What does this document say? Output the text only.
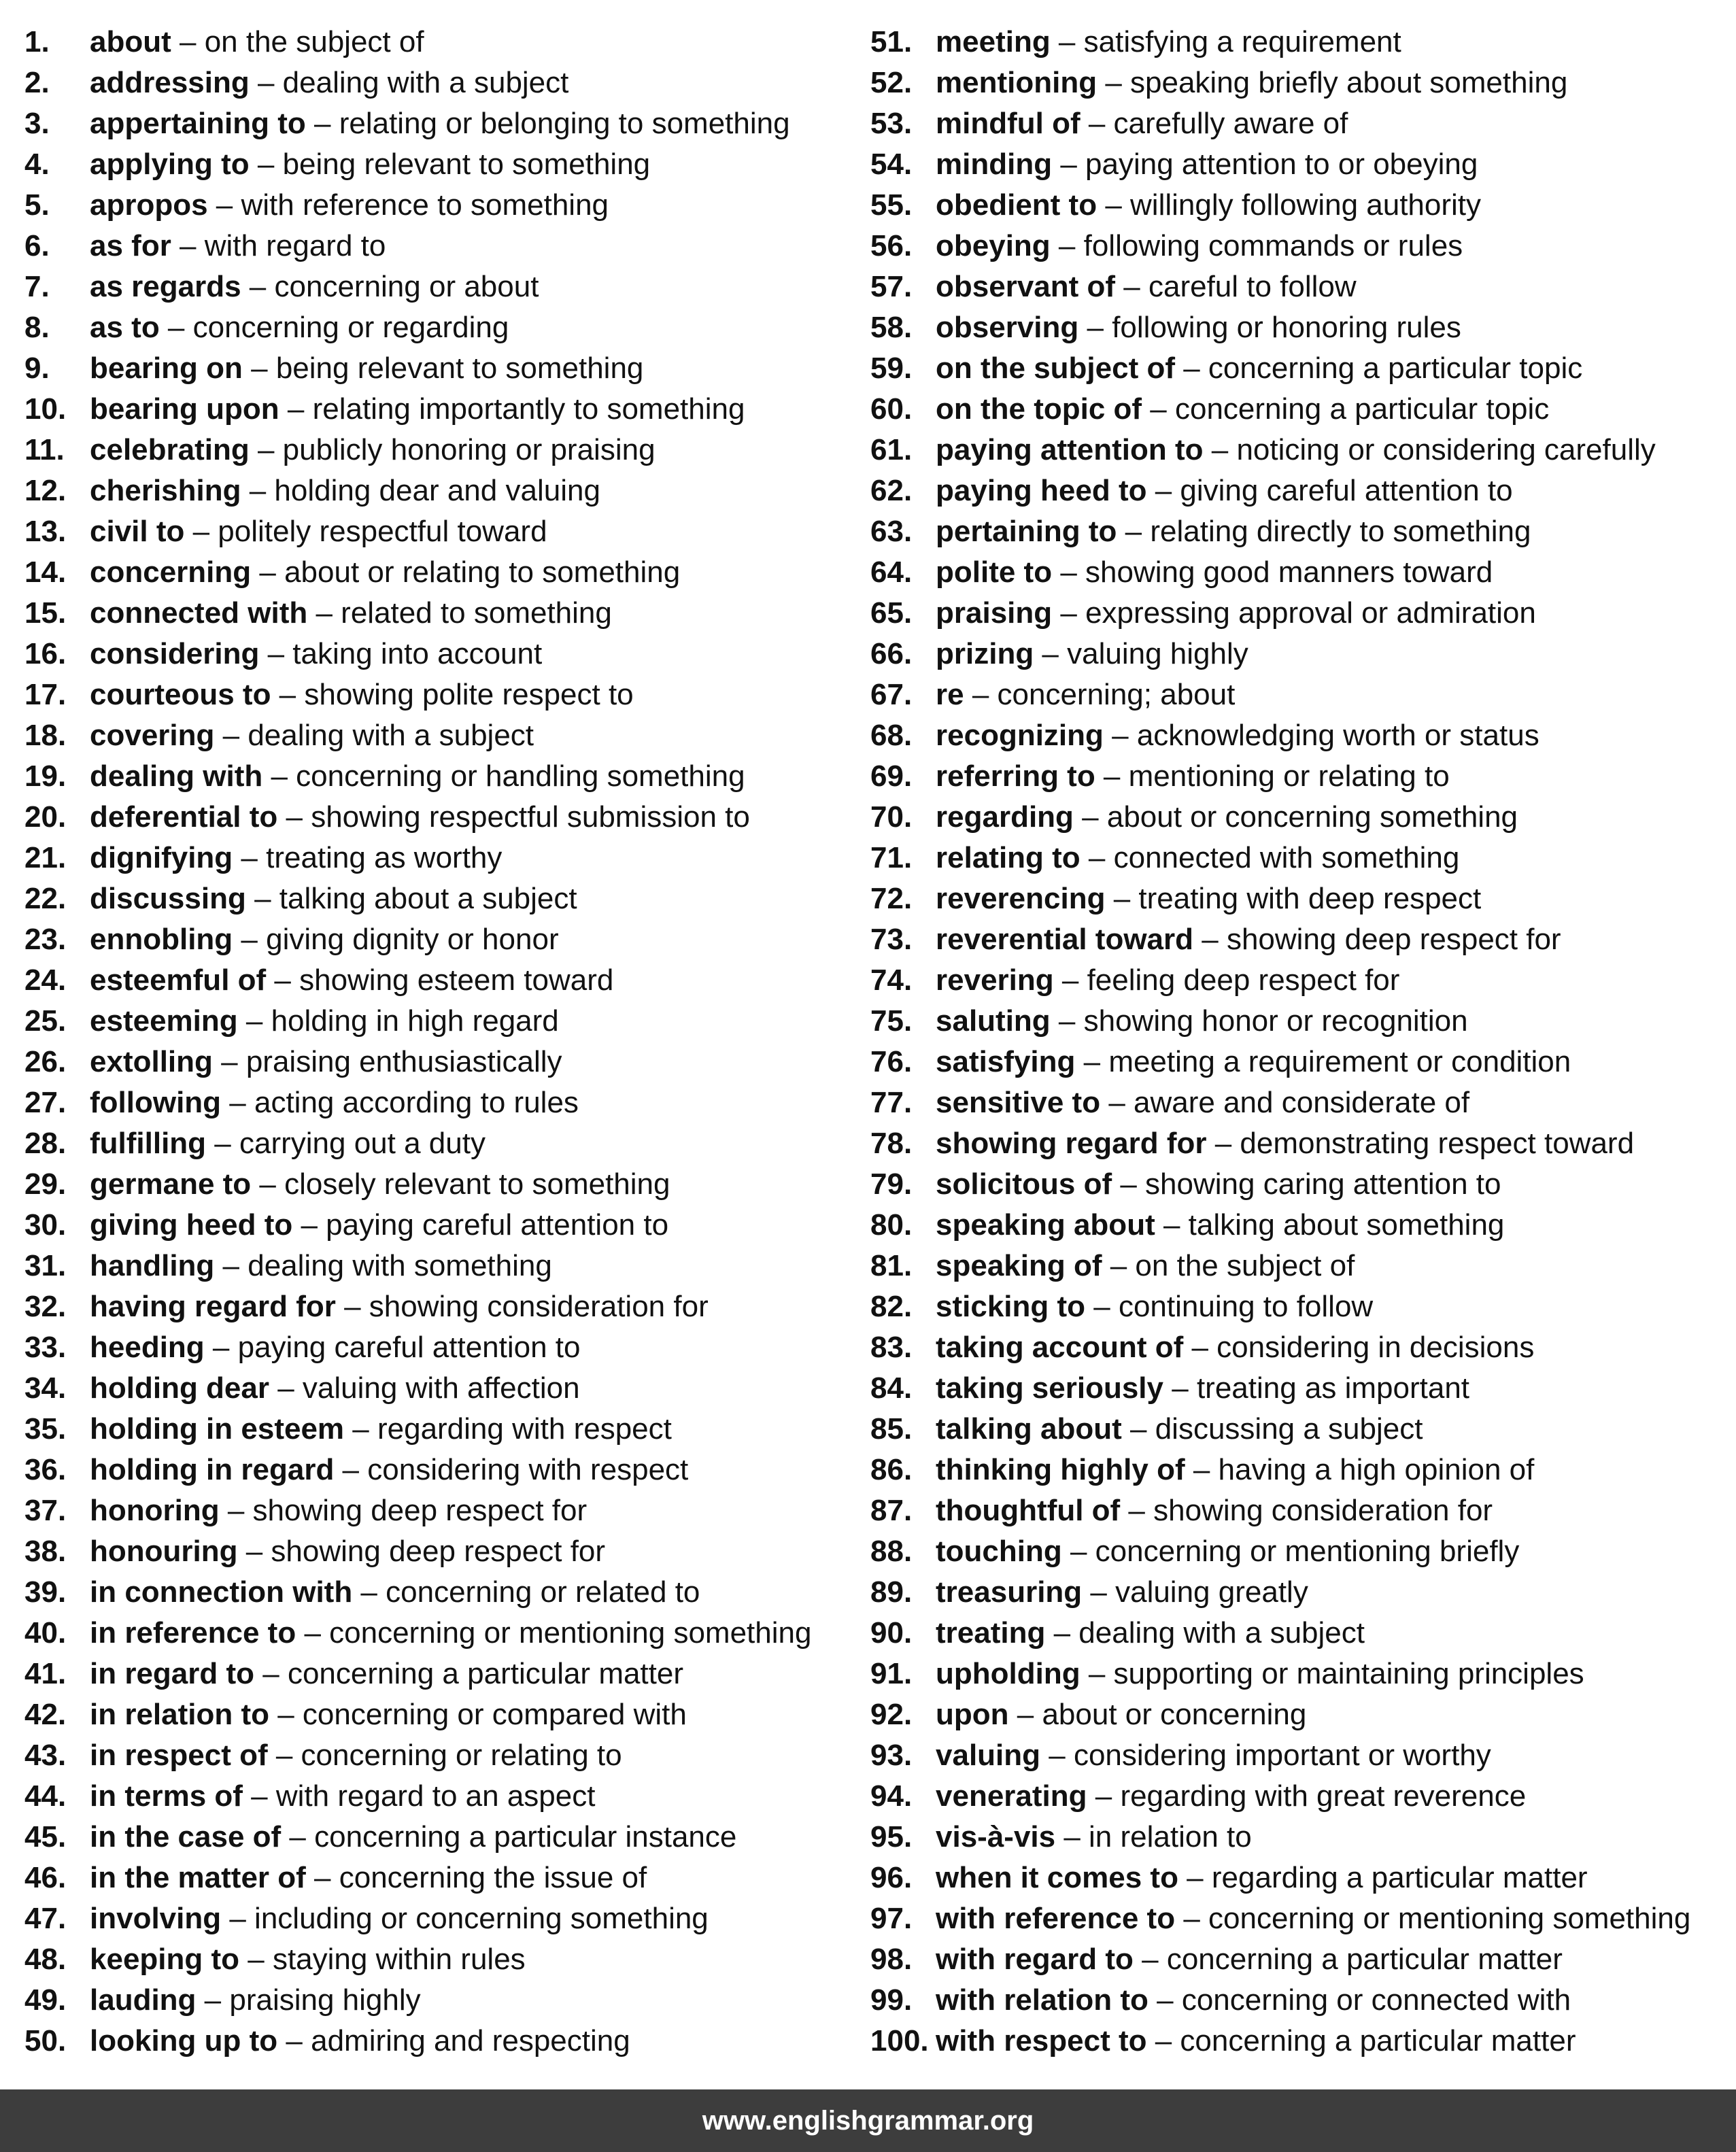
1. about – on the subject of
2. addressing – dealing with a subject
3. appertaining to – relating or belonging to something
4. applying to – being relevant to something
5. apropos – with reference to something
6. as for – with regard to
7. as regards – concerning or about
8. as to – concerning or regarding
9. bearing on – being relevant to something
10. bearing upon – relating importantly to something
11. celebrating – publicly honoring or praising
12. cherishing – holding dear and valuing
13. civil to – politely respectful toward
14. concerning – about or relating to something
15. connected with – related to something
16. considering – taking into account
17. courteous to – showing polite respect to
18. covering – dealing with a subject
19. dealing with – concerning or handling something
20. deferential to – showing respectful submission to
21. dignifying – treating as worthy
22. discussing – talking about a subject
23. ennobling – giving dignity or honor
24. esteemful of – showing esteem toward
25. esteeming – holding in high regard
26. extolling – praising enthusiastically
27. following – acting according to rules
28. fulfilling – carrying out a duty
29. germane to – closely relevant to something
30. giving heed to – paying careful attention to
31. handling – dealing with something
32. having regard for – showing consideration for
33. heeding – paying careful attention to
34. holding dear – valuing with affection
35. holding in esteem – regarding with respect
36. holding in regard – considering with respect
37. honoring – showing deep respect for
38. honouring – showing deep respect for
39. in connection with – concerning or related to
40. in reference to – concerning or mentioning something
41. in regard to – concerning a particular matter
42. in relation to – concerning or compared with
43. in respect of – concerning or relating to
44. in terms of – with regard to an aspect
45. in the case of – concerning a particular instance
46. in the matter of – concerning the issue of
47. involving – including or concerning something
48. keeping to – staying within rules
49. lauding – praising highly
50. looking up to – admiring and respecting
51. meeting – satisfying a requirement
52. mentioning – speaking briefly about something
53. mindful of – carefully aware of
54. minding – paying attention to or obeying
55. obedient to – willingly following authority
56. obeying – following commands or rules
57. observant of – careful to follow
58. observing – following or honoring rules
59. on the subject of – concerning a particular topic
60. on the topic of – concerning a particular topic
61. paying attention to – noticing or considering carefully
62. paying heed to – giving careful attention to
63. pertaining to – relating directly to something
64. polite to – showing good manners toward
65. praising – expressing approval or admiration
66. prizing – valuing highly
67. re – concerning; about
68. recognizing – acknowledging worth or status
69. referring to – mentioning or relating to
70. regarding – about or concerning something
71. relating to – connected with something
72. reverencing – treating with deep respect
73. reverential toward – showing deep respect for
74. revering – feeling deep respect for
75. saluting – showing honor or recognition
76. satisfying – meeting a requirement or condition
77. sensitive to – aware and considerate of
78. showing regard for – demonstrating respect toward
79. solicitous of – showing caring attention to
80. speaking about – talking about something
81. speaking of – on the subject of
82. sticking to – continuing to follow
83. taking account of – considering in decisions
84. taking seriously – treating as important
85. talking about – discussing a subject
86. thinking highly of – having a high opinion of
87. thoughtful of – showing consideration for
88. touching – concerning or mentioning briefly
89. treasuring – valuing greatly
90. treating – dealing with a subject
91. upholding – supporting or maintaining principles
92. upon – about or concerning
93. valuing – considering important or worthy
94. venerating – regarding with great reverence
95. vis-à-vis – in relation to
96. when it comes to – regarding a particular matter
97. with reference to – concerning or mentioning something
98. with regard to – concerning a particular matter
99. with relation to – concerning or connected with
100. with respect to – concerning a particular matter
www.englishgrammar.org
